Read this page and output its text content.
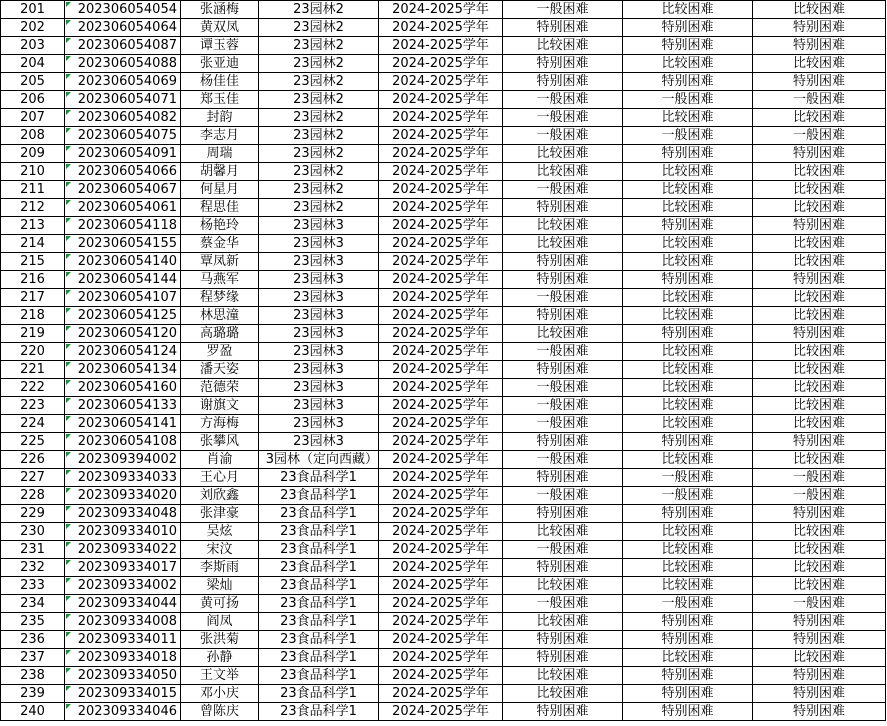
201	202306054054	张涵梅	23园林2	2024-2025学年	一般困难	比较困难	比较困难
202	202306054064	黄双凤	23园林2	2024-2025学年	特别困难	特别困难	特别困难
203	202306054087	谭玉蓉	23园林2	2024-2025学年	比较困难	特别困难	特别困难
204	202306054088	张亚迪	23园林2	2024-2025学年	特别困难	比较困难	比较困难
205	202306054069	杨佳佳	23园林2	2024-2025学年	特别困难	特别困难	特别困难
206	202306054071	郑玉佳	23园林2	2024-2025学年	一般困难	一般困难	一般困难
207	202306054082	封韵	23园林2	2024-2025学年	一般困难	比较困难	比较困难
208	202306054075	李志月	23园林2	2024-2025学年	一般困难	一般困难	一般困难
209	202306054091	周瑞	23园林2	2024-2025学年	比较困难	特别困难	特别困难
210	202306054066	胡馨月	23园林2	2024-2025学年	比较困难	比较困难	比较困难
211	202306054067	何星月	23园林2	2024-2025学年	一般困难	比较困难	比较困难
212	202306054061	程思佳	23园林2	2024-2025学年	特别困难	比较困难	比较困难
213	202306054118	杨艳玲	23园林3	2024-2025学年	比较困难	特别困难	特别困难
214	202306054155	蔡金华	23园林3	2024-2025学年	比较困难	比较困难	比较困难
215	202306054140	覃凤新	23园林3	2024-2025学年	特别困难	比较困难	比较困难
216	202306054144	马燕军	23园林3	2024-2025学年	特别困难	特别困难	特别困难
217	202306054107	程梦缘	23园林3	2024-2025学年	一般困难	比较困难	比较困难
218	202306054125	林思潼	23园林3	2024-2025学年	特别困难	比较困难	比较困难
219	202306054120	高璐璐	23园林3	2024-2025学年	比较困难	特别困难	特别困难
220	202306054124	罗盈	23园林3	2024-2025学年	一般困难	比较困难	比较困难
221	202306054134	潘天姿	23园林3	2024-2025学年	特别困难	比较困难	比较困难
222	202306054160	范德荣	23园林3	2024-2025学年	一般困难	比较困难	比较困难
223	202306054133	谢旗文	23园林3	2024-2025学年	一般困难	比较困难	比较困难
224	202306054141	方海梅	23园林3	2024-2025学年	一般困难	比较困难	比较困难
225	202306054108	张攀风	23园林3	2024-2025学年	特别困难	特别困难	特别困难
226	202309394002	肖渝	3园林（定向西藏）	2024-2025学年	一般困难	比较困难	比较困难
227	202309334033	王心月	23食品科学1	2024-2025学年	特别困难	一般困难	一般困难
228	202309334020	刘欣鑫	23食品科学1	2024-2025学年	一般困难	一般困难	一般困难
229	202309334048	张津豪	23食品科学1	2024-2025学年	特别困难	特别困难	特别困难
230	202309334010	吴炫	23食品科学1	2024-2025学年	比较困难	比较困难	比较困难
231	202309334022	宋汶	23食品科学1	2024-2025学年	一般困难	比较困难	比较困难
232	202309334017	李斯雨	23食品科学1	2024-2025学年	特别困难	比较困难	比较困难
233	202309334002	梁灿	23食品科学1	2024-2025学年	比较困难	比较困难	比较困难
234	202309334044	黄可扬	23食品科学1	2024-2025学年	一般困难	一般困难	一般困难
235	202309334008	阎凤	23食品科学1	2024-2025学年	比较困难	特别困难	特别困难
236	202309334011	张洪菊	23食品科学1	2024-2025学年	特别困难	特别困难	特别困难
237	202309334018	孙静	23食品科学1	2024-2025学年	特别困难	比较困难	比较困难
238	202309334050	王文举	23食品科学1	2024-2025学年	比较困难	特别困难	特别困难
239	202309334015	邓小庆	23食品科学1	2024-2025学年	比较困难	特别困难	特别困难
240	202309334046	曾陈庆	23食品科学1	2024-2025学年	特别困难	特别困难	特别困难
